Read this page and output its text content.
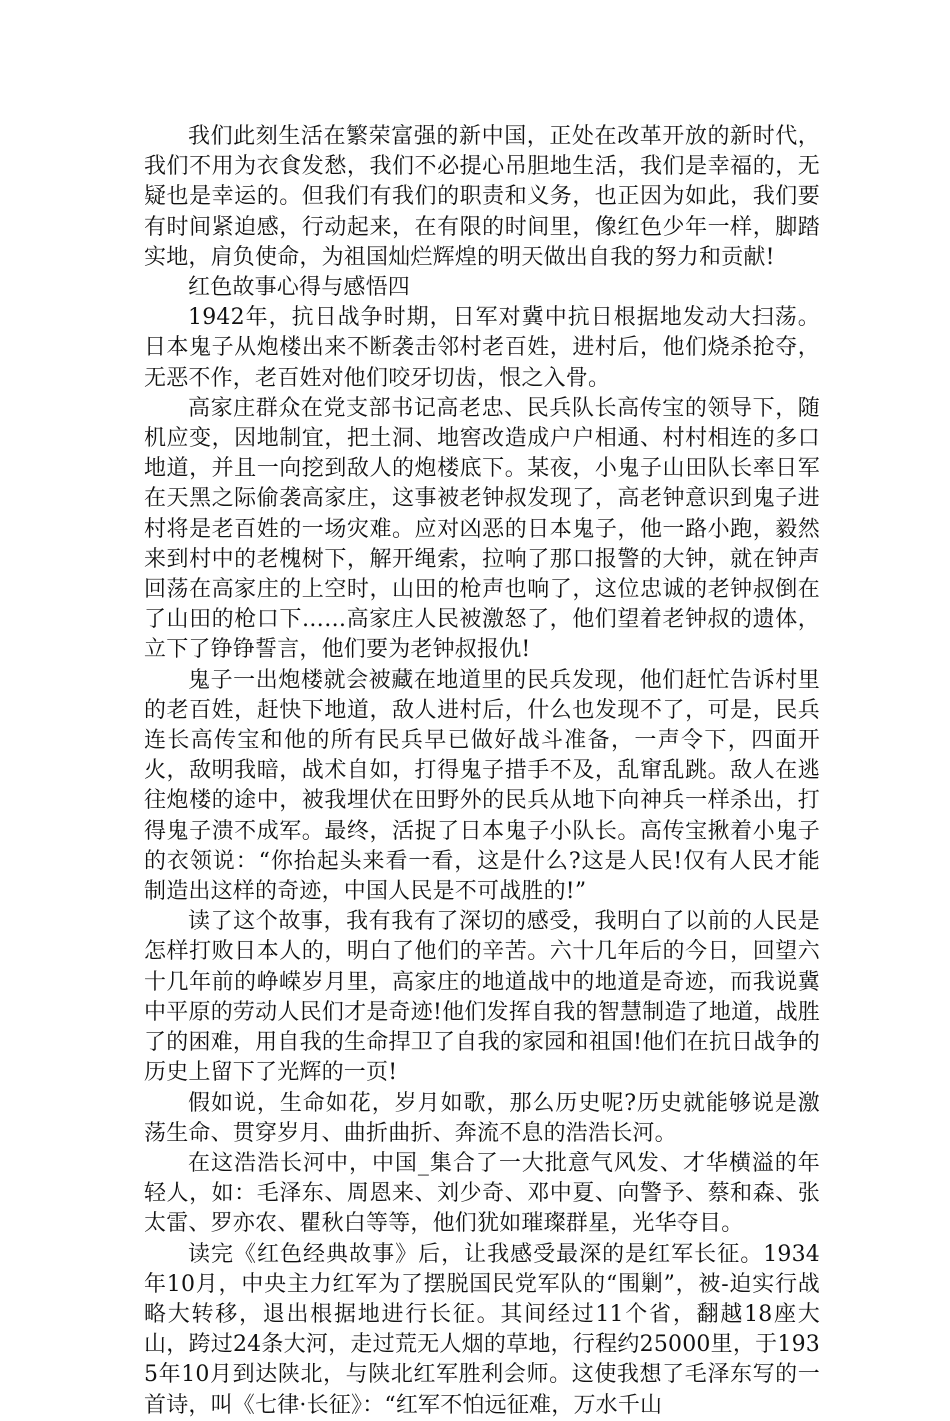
我们此刻生活在繁荣富强的新中国，正处在改革开放的新时代，我们不用为衣食发愁，我们不必提心吊胆地生活，我们是幸福的，无疑也是幸运的。但我们有我们的职责和义务，也正因为如此，我们要有时间紧迫感，行动起来，在有限的时间里，像红色少年一样，脚踏实地，肩负使命，为祖国灿烂辉煌的明天做出自我的努力和贡献!

红色故事心得与感悟四

1942年，抗日战争时期，日军对冀中抗日根据地发动大扫荡。日本鬼子从炮楼出来不断袭击邻村老百姓，进村后，他们烧杀抢夺，无恶不作，老百姓对他们咬牙切齿，恨之入骨。

高家庄群众在党支部书记高老忠、民兵队长高传宝的领导下，随机应变，因地制宜，把土洞、地窖改造成户户相通、村村相连的多口地道，并且一向挖到敌人的炮楼底下。某夜，小鬼子山田队长率日军在天黑之际偷袭高家庄，这事被老钟叔发现了，高老钟意识到鬼子进村将是老百姓的一场灾难。应对凶恶的日本鬼子，他一路小跑，毅然来到村中的老槐树下，解开绳索，拉响了那口报警的大钟，就在钟声回荡在高家庄的上空时，山田的枪声也响了，这位忠诚的老钟叔倒在了山田的枪口下……高家庄人民被激怒了，他们望着老钟叔的遗体，立下了铮铮誓言，他们要为老钟叔报仇!

鬼子一出炮楼就会被藏在地道里的民兵发现，他们赶忙告诉村里的老百姓，赶快下地道，敌人进村后，什么也发现不了，可是，民兵连长高传宝和他的所有民兵早已做好战斗准备，一声令下，四面开火，敌明我暗，战术自如，打得鬼子措手不及，乱窜乱跳。敌人在逃往炮楼的途中，被我埋伏在田野外的民兵从地下向神兵一样杀出，打得鬼子溃不成军。最终，活捉了日本鬼子小队长。高传宝揪着小鬼子的衣领说：“你抬起头来看一看，这是什么?这是人民!仅有人民才能制造出这样的奇迹，中国人民是不可战胜的!”

读了这个故事，我有我有了深切的感受，我明白了以前的人民是怎样打败日本人的，明白了他们的辛苦。六十几年后的今日，回望六十几年前的峥嵘岁月里，高家庄的地道战中的地道是奇迹，而我说冀中平原的劳动人民们才是奇迹!他们发挥自我的智慧制造了地道，战胜了的困难，用自我的生命捍卫了自我的家园和祖国!他们在抗日战争的历史上留下了光辉的一页!

假如说，生命如花，岁月如歌，那么历史呢?历史就能够说是激荡生命、贯穿岁月、曲折曲折、奔流不息的浩浩长河。

在这浩浩长河中，中国_集合了一大批意气风发、才华横溢的年轻人，如：毛泽东、周恩来、刘少奇、邓中夏、向警予、蔡和森、张太雷、罗亦农、瞿秋白等等，他们犹如璀璨群星，光华夺目。

读完《红色经典故事》后，让我感受最深的是红军长征。1934年10月，中央主力红军为了摆脱国民党军队的“围剿”，被-迫实行战略大转移，退出根据地进行长征。其间经过11个省，翻越18座大山，跨过24条大河，走过荒无人烟的草地，行程约25000里，于1935年10月到达陕北，与陕北红军胜利会师。这使我想了毛泽东写的一首诗，叫《七律·长征》：“红军不怕远征难，万水千山
